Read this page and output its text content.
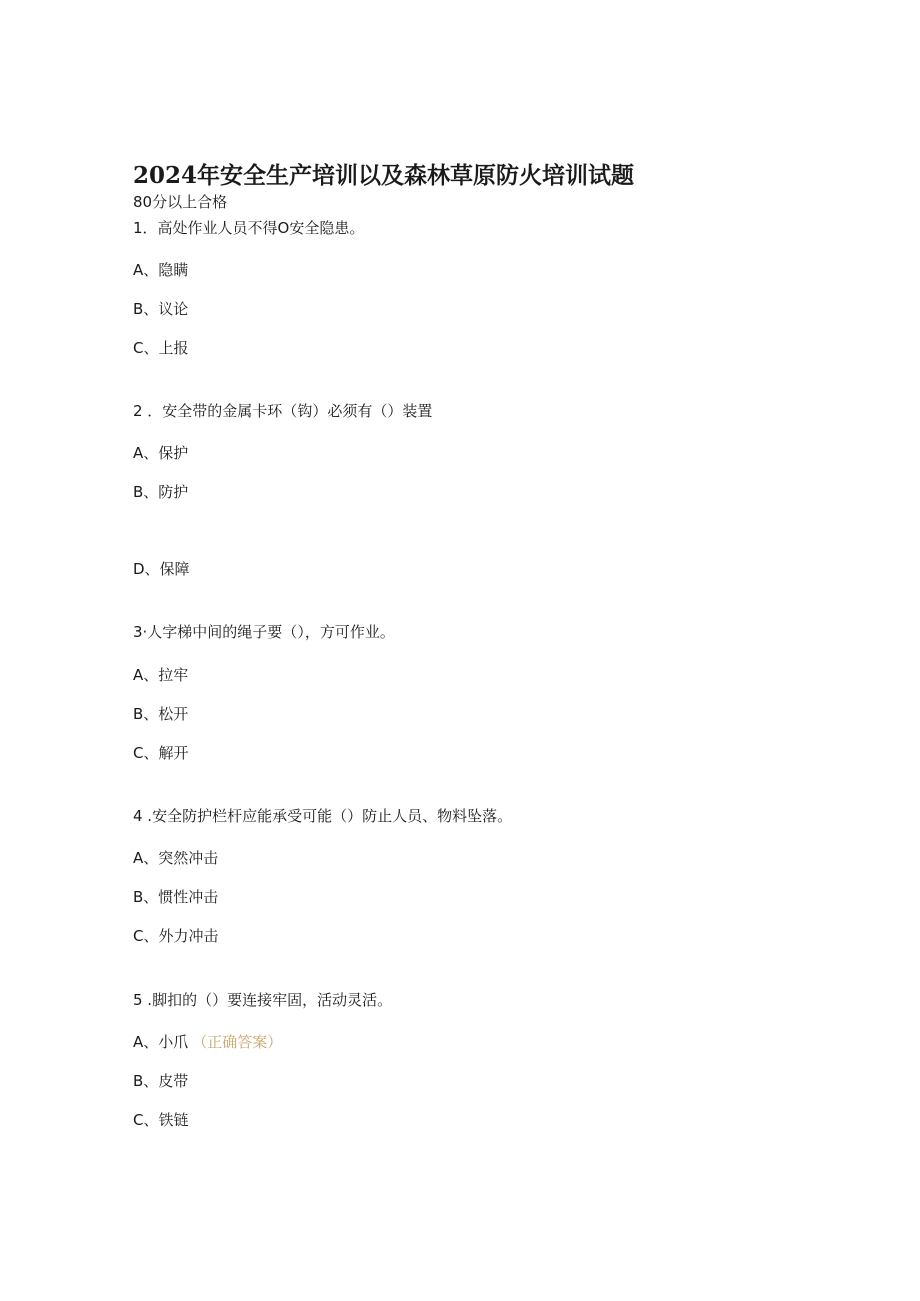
2024年安全生产培训以及森林草原防火培训试题
80分以上合格
1．高处作业人员不得O安全隐患。
A、隐瞒
B、议论
C、上报
2 ．安全带的金属卡环（钩）必须有（）装置
A、保护
B、防护
D、保障
3·人字梯中间的绳子要（），方可作业。
A、拉牢
B、松开
C、解开
4 .安全防护栏杆应能承受可能（）防止人员、物料坠落。
A、突然冲击
B、惯性冲击
C、外力冲击
5 .脚扣的（）要连接牢固，活动灵活。
A、小爪 （正确答案）
B、皮带
C、铁链
